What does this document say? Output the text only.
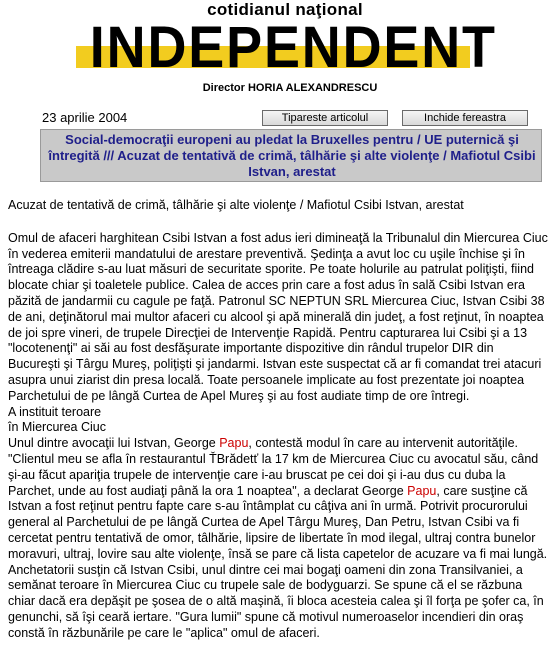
cotidianul naţional
INDEPENDENT
Director HORIA ALEXANDRESCU
23 aprilie 2004	Tipareste articolul	Inchide fereastra
Social-democraţii europeni au pledat la Bruxelles pentru / UE puternică şi întregită /// Acuzat de tentativă de crimă, tâlhărie şi alte violenţe / Mafiotul Csibi Istvan, arestat

Acuzat de tentativă de crimă, tâlhărie şi alte violenţe / Mafiotul Csibi Istvan, arestat

Omul de afaceri harghitean Csibi Istvan a fost adus ieri dimineaţă la Tribunalul din Miercurea Ciuc în vederea emiterii mandatului de arestare preventivă. Şedinţa a avut loc cu uşile închise şi în întreaga clădire s-au luat măsuri de securitate sporite. Pe toate holurile au patrulat poliţişti, fiind blocate chiar şi toaletele publice. Calea de acces prin care a fost adus în sală Csibi Istvan era păzită de jandarmii cu cagule pe faţă. Patronul SC NEPTUN SRL Miercurea Ciuc, Istvan Csibi 38 de ani, deţinătorul mai multor afaceri cu alcool şi apă minerală din judeţ, a fost reţinut, în noaptea de joi spre vineri, de trupele Direcţiei de Intervenţie Rapidă. Pentru capturarea lui Csibi şi a 13 "locotenenţi" ai săi au fost desfăşurate importante dispozitive din rândul trupelor DIR din Bucureşti şi Târgu Mureş, poliţişti şi jandarmi. Istvan este suspectat că ar fi comandat trei atacuri asupra unui ziarist din presa locală. Toate persoanele implicate au fost prezentate joi noaptea Parchetului de pe lângă Curtea de Apel Mureş şi au fost audiate timp de ore întregi.

A instituit teroare

în Miercurea Ciuc

Unul dintre avocaţii lui Istvan, George Papu, contestă modul în care au intervenit autorităţile. "Clientul meu se afla în restaurantul ŤBrădetť la 17 km de Miercurea Ciuc cu avocatul său, când şi-au făcut apariţia trupele de intervenţie care i-au bruscat pe cei doi şi i-au dus cu duba la Parchet, unde au fost audiaţi până la ora 1 noaptea", a declarat George Papu, care susţine că Istvan a fost reţinut pentru fapte care s-au întâmplat cu câţiva ani în urmă. Potrivit procurorului general al Parchetului de pe lângă Curtea de Apel Târgu Mureş, Dan Petru, Istvan Csibi va fi cercetat pentru tentativă de omor, tâlhărie, lipsire de libertate în mod ilegal, ultraj contra bunelor moravuri, ultraj, lovire sau alte violenţe, însă se pare că lista capetelor de acuzare va fi mai lungă. Anchetatorii susţin că Istvan Csibi, unul dintre cei mai bogaţi oameni din zona Transilvaniei, a semănat teroare în Miercurea Ciuc cu trupele sale de bodyguarzi. Se spune că el se răzbuna chiar dacă era depăşit pe şosea de o altă maşină, îi bloca acesteia calea şi îl forţa pe şofer ca, în genunchi, să îşi ceară iertare. "Gura lumii" spune că motivul numeroaselor incendieri din oraş constă în răzbunările pe care le "aplica" omul de afaceri.
